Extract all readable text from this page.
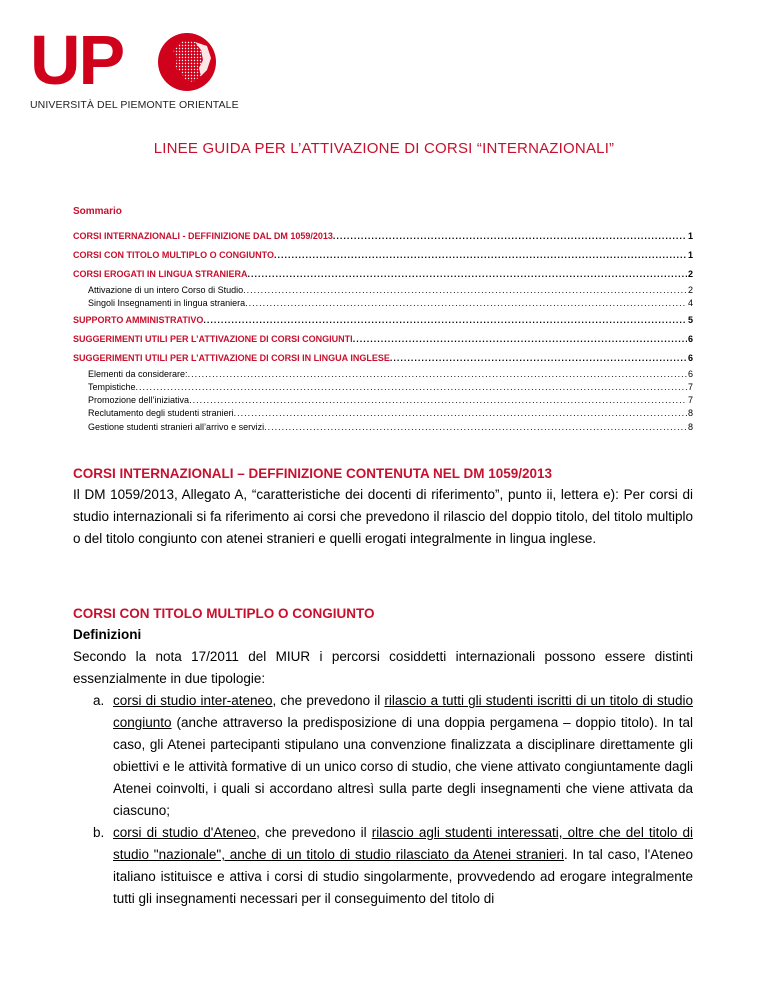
UP
UNIVERSITÀ DEL PIEMONTE ORIENTALE
LINEE GUIDA PER L’ATTIVAZIONE DI CORSI “INTERNAZIONALI”
Sommario
CORSI INTERNAZIONALI - DEFFINIZIONE DAL DM 1059/2013 .....	1
CORSI CON TITOLO MULTIPLO O CONGIUNTO .....	1
CORSI EROGATI IN LINGUA STRANIERA .....	2
Attivazione di un intero Corso di Studio .....	2
Singoli Insegnamenti in lingua straniera .....	4
SUPPORTO AMMINISTRATIVO .....	5
SUGGERIMENTI UTILI PER L’ATTIVAZIONE DI CORSI CONGIUNTI .....	6
SUGGERIMENTI UTILI PER L’ATTIVAZIONE DI CORSI IN LINGUA INGLESE .....	6
Elementi da considerare: .....	6
Tempistiche .....	7
Promozione dell’iniziativa .....	7
Reclutamento degli studenti stranieri .....	8
Gestione studenti stranieri all’arrivo e servizi .....	8
CORSI INTERNAZIONALI – DEFFINIZIONE CONTENUTA NEL DM 1059/2013

Il DM 1059/2013, Allegato A, “caratteristiche dei docenti di riferimento”, punto ii, lettera e): Per corsi di studio internazionali si fa riferimento ai corsi che prevedono il rilascio del doppio titolo, del titolo multiplo o del titolo congiunto con atenei stranieri e quelli erogati integralmente in lingua inglese.

CORSI CON TITOLO MULTIPLO O CONGIUNTO
Definizioni

Secondo la nota 17/2011 del MIUR i percorsi cosiddetti internazionali possono essere distinti essenzialmente in due tipologie:

a. corsi di studio inter-ateneo, che prevedono il rilascio a tutti gli studenti iscritti di un titolo di studio congiunto (anche attraverso la predisposizione di una doppia pergamena – doppio titolo). In tal caso, gli Atenei partecipanti stipulano una convenzione finalizzata a disciplinare direttamente gli obiettivi e le attività formative di un unico corso di studio, che viene attivato congiuntamente dagli Atenei coinvolti, i quali si accordano altresì sulla parte degli insegnamenti che viene attivata da ciascuno;
b. corsi di studio d'Ateneo, che prevedono il rilascio agli studenti interessati, oltre che del titolo di studio "nazionale", anche di un titolo di studio rilasciato da Atenei stranieri. In tal caso, l'Ateneo italiano istituisce e attiva i corsi di studio singolarmente, provvedendo ad erogare integralmente tutti gli insegnamenti necessari per il conseguimento del titolo di
